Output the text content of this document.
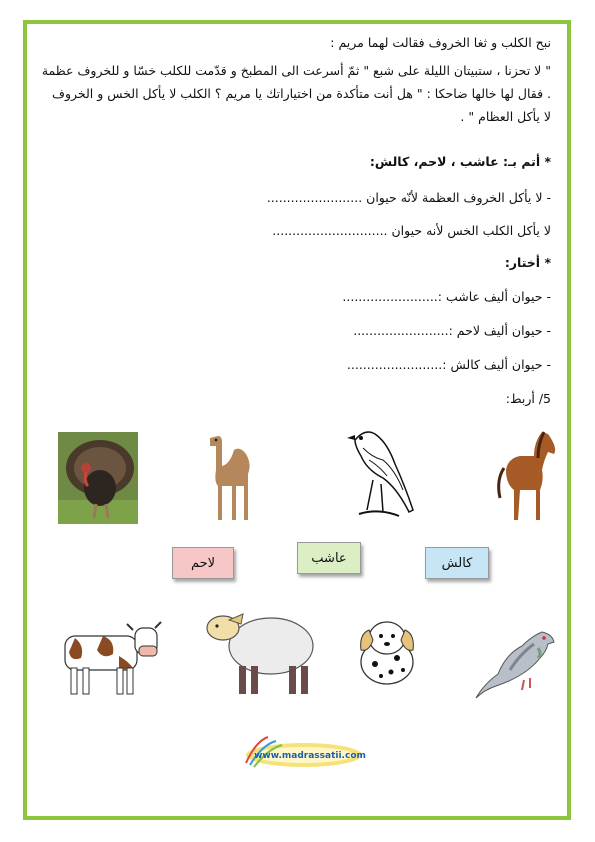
نبح الكلب و ثغا الخروف فقالت لهما مريم :
" لا تحزنا ، ستبيتان الليلة على شبع " ثمّ أسرعت الى المطبخ و قدّمت للكلب خسّا و للخروف عظمة . فقال لها خالها ضاحكا : " هل أنت متأكدة من اختياراتك يا مريم ؟ الكلب لا يأكل الخس و الخروف لا يأكل العظام " .
* أتم بـ: عاشب ، لاحم، كالش:
- لا يأكل الخروف العظمة لأنّه حيوان ........................
لا يأكل الكلب الخس لأنه حيوان .............................
* أختار:
- حيوان أليف عاشب :........................
- حيوان أليف لاحم :........................
- حيوان أليف كالش :........................
5/ أربط:
لاحم	عاشب	كالش
www.madrassatii.com
